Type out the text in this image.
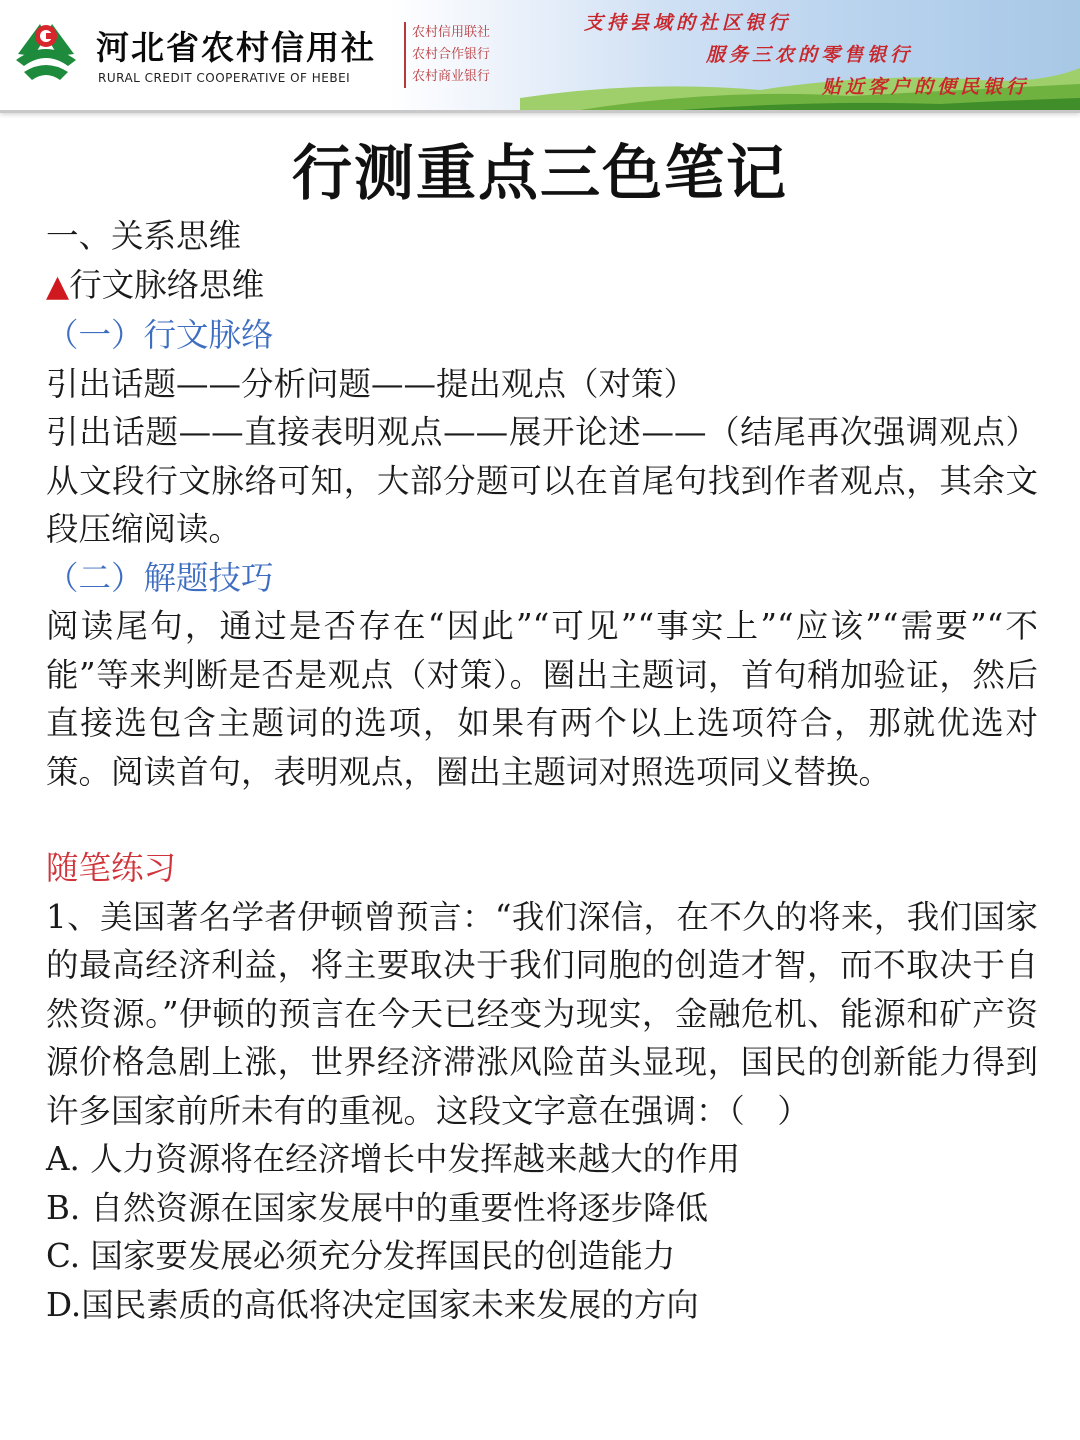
河北省农村信用社
RURAL CREDIT COOPERATIVE OF HEBEI
农村信用联社
农村合作银行
农村商业银行
支持县域的社区银行
服务三农的零售银行
贴近客户的便民银行
行测重点三色笔记
一、关系思维
▲行文脉络思维
（一）行文脉络
引出话题——分析问题——提出观点（对策）
引出话题——直接表明观点——展开论述——（结尾再次强调观点）从文段行文脉络可知，大部分题可以在首尾句找到作者观点，其余文段压缩阅读。
（二）解题技巧
阅读尾句，通过是否存在“因此”“可见”“事实上”“应该”“需要”“不能”等来判断是否是观点（对策）。圈出主题词，首句稍加验证，然后直接选包含主题词的选项，如果有两个以上选项符合，那就优选对策。阅读首句，表明观点，圈出主题词对照选项同义替换。
随笔练习
1、美国著名学者伊顿曾预言：“我们深信，在不久的将来，我们国家的最高经济利益，将主要取决于我们同胞的创造才智，而不取决于自然资源。”伊顿的预言在今天已经变为现实，金融危机、能源和矿产资源价格急剧上涨，世界经济滞涨风险苗头显现，国民的创新能力得到许多国家前所未有的重视。这段文字意在强调：（　）
A. 人力资源将在经济增长中发挥越来越大的作用
B. 自然资源在国家发展中的重要性将逐步降低
C. 国家要发展必须充分发挥国民的创造能力
D.国民素质的高低将决定国家未来发展的方向
